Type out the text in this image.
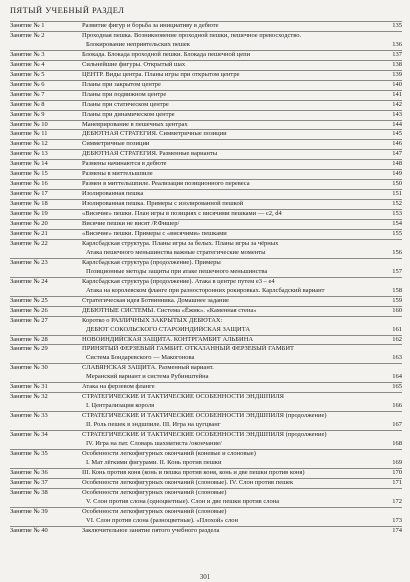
ПЯТЫЙ УЧЕБНЫЙ РАЗДЕЛ
Занятие № 1	Развитие фигур и борьба за инициативу в дебюте	135
Занятие № 2	Проходная пешка. Возникновение проходной пешки, пешечное превосходство.
Блокирование неприятельских пешек	136
Занятие № 3	Блокада. Блокада проходной пешки. Блокада пешечной цепи	137
Занятие № 4	Сильнейшие фигуры. Открытый шах	138
Занятие № 5	ЦЕНТР. Виды центра. Планы игры при открытом центре	139
Занятие № 6	Планы при закрытом центре	140
Занятие № 7	Планы при подвижном центре	141
Занятие № 8	Планы при статическом центре	142
Занятие № 9	Планы при динамическом центре	143
Занятие № 10	Маневрирование в пешечных центрах	144
Занятие № 11	ДЕБЮТНАЯ СТРАТЕГИЯ. Симметричные позиции	145
Занятие № 12	Симметричные позиции	146
Занятие № 13	ДЕБЮТНАЯ СТРАТЕГИЯ. Разменные варианты	147
Занятие № 14	Размены начинаются в дебюте	148
Занятие № 15	Размены в миттельшпиле	149
Занятие № 16	Размен в миттельшпиле. Реализация позиционного перевеса	150
Занятие № 17	Изолированная пешка	151
Занятие № 18	Изолированная пешка. Примеры с изолированной пешкой	152
Занятие № 19	«Висячие» пешки. План игры в позициях с висячими пешками — c2, d4	153
Занятие № 20	Висячие пешки не висят /Р.Фишер/	154
Занятие № 21	«Висячие» пешки. Примеры с «висячими» пешками	155
Занятие № 22	Карлсбадская структура. Планы игры за белых. Планы игры за чёрных
Атака пешечного меньшинства важные стратегические моменты	156
Занятие № 23	Карлсбадская структура (продолжение). Примеры
Позиционные методы защиты при атаке пешечного меньшинства	157
Занятие № 24	Карлсбадская структура (продолжение). Атака в центре путем e3 – e4
Атака на королевском фланге при разносторонних рокировках. Карлсбадский вариант	158
Занятие № 25	Стратегическая идея Ботвинника. Домашнее задание	159
Занятие № 26	ДЕБЮТНЫЕ СИСТЕМЫ. Система «Ёжик». «Каменная стена»	160
Занятие № 27	Коротко о РАЗЛИЧНЫХ ЗАКРЫТЫХ ДЕБЮТАХ:
ДЕБЮТ СОКОЛЬСКОГО СТАРОИНДИЙСКАЯ ЗАЩИТА	161
Занятие № 28	НОВОИНДИЙСКАЯ ЗАЩИТА. КОНТРГАМБИТ АЛЬБИНА	162
Занятие № 29	ПРИНЯТЫЙ ФЕРЗЕВЫЙ ГАМБИТ. ОТКАЗАННЫЙ ФЕРЗЕВЫЙ ГАМБИТ
Система Бондаревского — Макогонова	163
Занятие № 30	СЛАВЯНСКАЯ ЗАЩИТА. Разменный вариант.
Меранский вариант и система Рубинштейна	164
Занятие № 31	Атака на ферзевом фланге	165
Занятие № 32	СТРАТЕГИЧЕСКИЕ И ТАКТИЧЕСКИЕ ОСОБЕННОСТИ ЭНДШПИЛЯ
I. Централизация короля	166
Занятие № 33	СТРАТЕГИЧЕСКИЕ И ТАКТИЧЕСКИЕ ОСОБЕННОСТИ ЭНДШПИЛЯ (продолжение)
II. Роль пешек в эндшпиле. III. Игра на цугцванг	167
Занятие № 34	СТРАТЕГИЧЕСКИЕ И ТАКТИЧЕСКИЕ ОСОБЕННОСТИ ЭНДШПИЛЯ (продолжение)
IV. Игра на пат. Словарь шахматиста /окончание/	168
Занятие № 35	Особенности легкофигурных окончаний (коневые и слоновые)
I. Мат лёгкими фигурами. II. Конь против пешки	169
Занятие № 36	III. Конь против коня (конь и пешка против коня, конь и две пешки против коня)	170
Занятие № 37	Особенности легкофигурных окончаний (слоновые). IV. Слон против пешек	171
Занятие № 38	Особенности легкофигурных окончаний (слоновые)
V. Слон против слона (одноцветные). Слон и две пешки против слона	172
Занятие № 39	Особенности легкофигурных окончаний (слоновые)
VI. Слон против слона (разноцветные). «Плохой» слон	173
Занятие № 40	Заключительное занятие пятого учебного раздела	174
301
